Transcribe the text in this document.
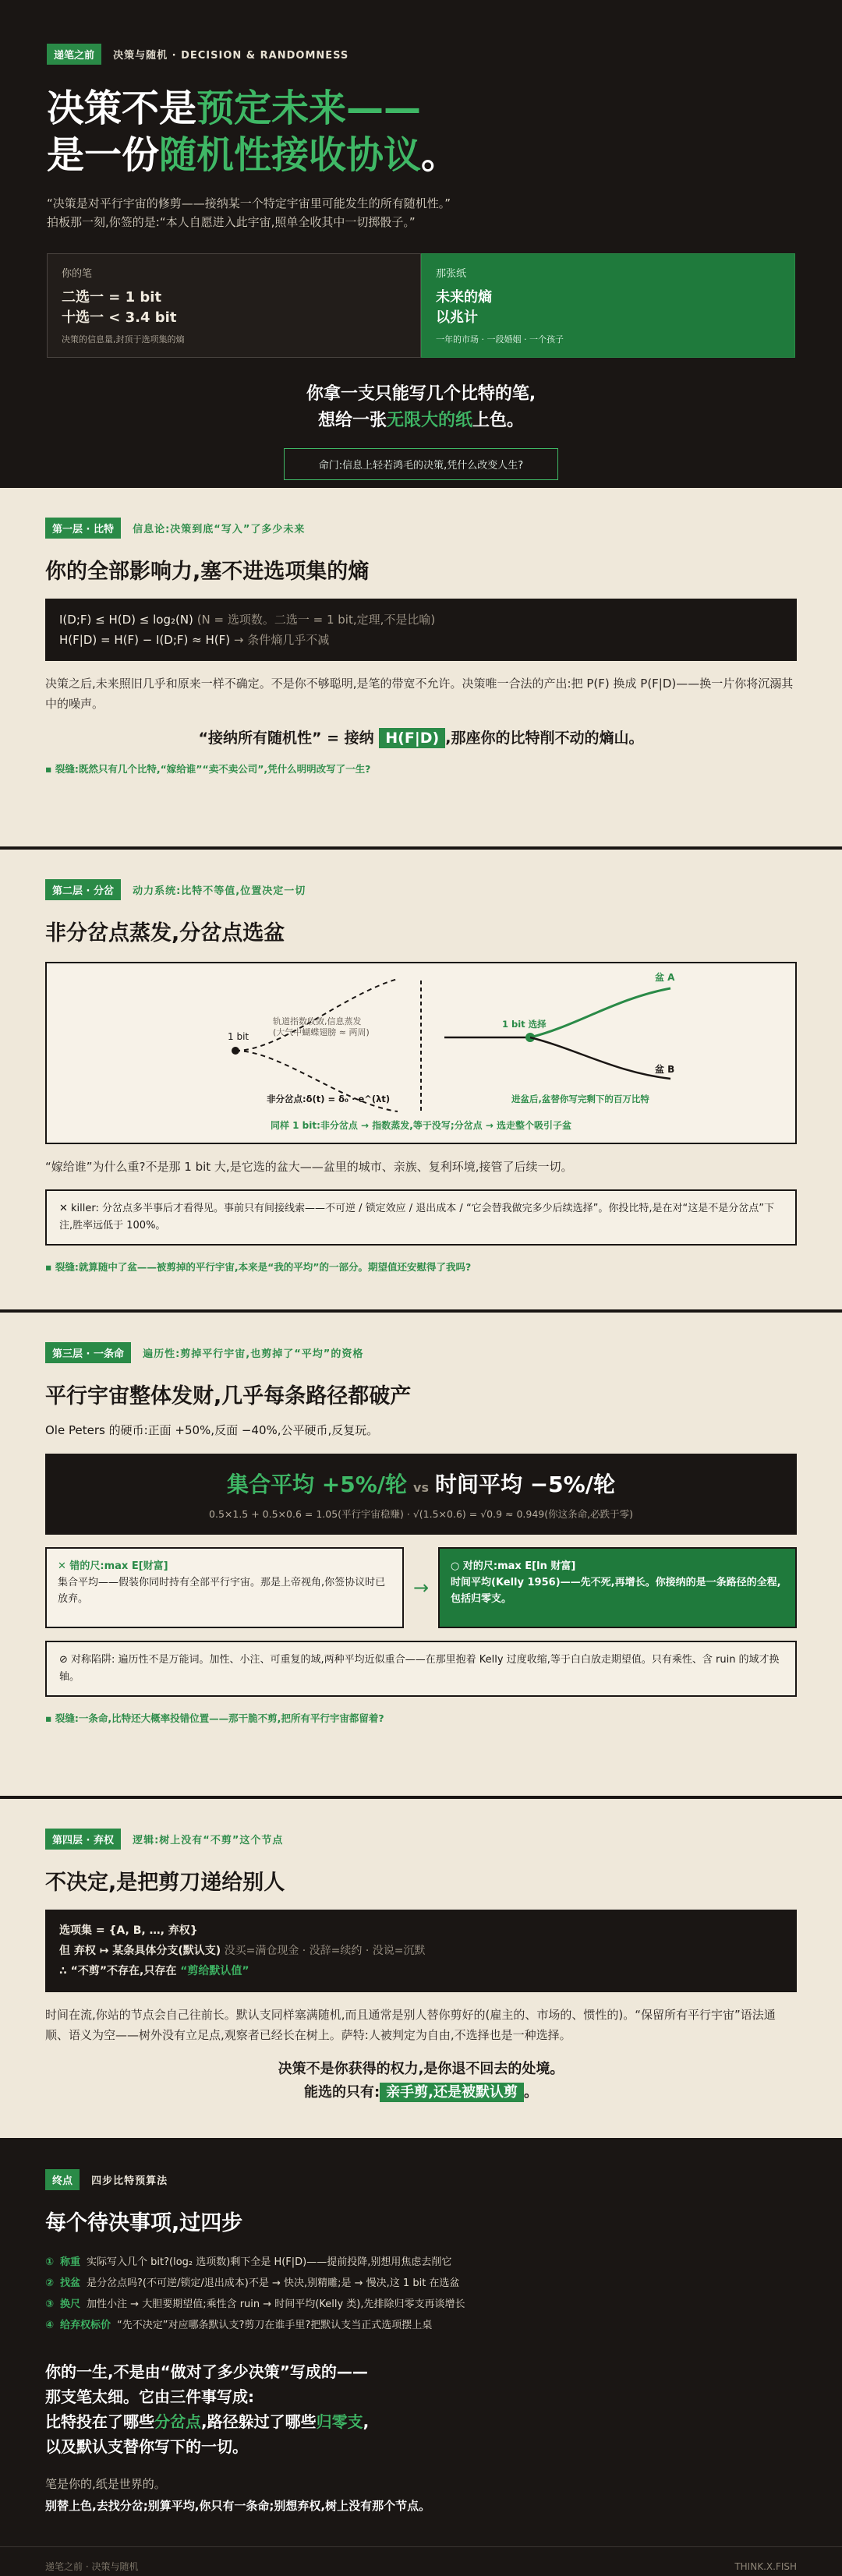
递笔之前 决策与随机 · DECISION & RANDOMNESS
决策不是预定未来——
是一份随机性接收协议。
“决策是对平行宇宙的修剪——接纳某一个特定宇宙里可能发生的所有随机性。”
拍板那一刻,你签的是:“本人自愿进入此宇宙,照单全收其中一切掷骰子。”
你的笔
二选一 = 1 bit
十选一 < 3.4 bit
决策的信息量,封顶于选项集的熵
那张纸
未来的熵
以兆计
一年的市场 · 一段婚姻 · 一个孩子
你拿一支只能写几个比特的笔,
想给一张无限大的纸上色。
命门:信息上轻若鸿毛的决策,凭什么改变人生?
第一层 · 比特 信息论:决策到底“写入”了多少未来
你的全部影响力,塞不进选项集的熵
I(D;F) ≤ H(D) ≤ log₂(N) (N = 选项数。二选一 = 1 bit,定理,不是比喻)
H(F|D) = H(F) − I(D;F) ≈ H(F) → 条件熵几乎不减
决策之后,未来照旧几乎和原来一样不确定。不是你不够聪明,是笔的带宽不允许。决策唯一合法的产出:把 P(F) 换成 P(F|D)——换一片你将沉溺其中的噪声。
“接纳所有随机性” = 接纳 H(F|D) ,那座你的比特削不动的熵山。
▪ 裂缝:既然只有几个比特,“嫁给谁”“卖不卖公司”,凭什么明明改写了一生?
第二层 · 分岔 动力系统:比特不等值,位置决定一切
非分岔点蒸发,分岔点选盆
1 bit
轨道指数收敛,信息蒸发
(大气中蝴蝶翅膀 ≈ 两周)
非分岔点:δ(t) = δ₀ · e^(λt)
1 bit 选择
盆 A
盆 B
进盆后,盆替你写完剩下的百万比特
同样 1 bit:非分岔点 → 指数蒸发,等于没写;分岔点 → 选走整个吸引子盆
“嫁给谁”为什么重?不是那 1 bit 大,是它选的盆大——盆里的城市、亲族、复利环境,接管了后续一切。
✕ killer: 分岔点多半事后才看得见。事前只有间接线索——不可逆 / 锁定效应 / 退出成本 / “它会替我做完多少后续选择”。你投比特,是在对“这是不是分岔点”下注,胜率远低于 100%。
▪ 裂缝:就算随中了盆——被剪掉的平行宇宙,本来是“我的平均”的一部分。期望值还安慰得了我吗?
第三层 · 一条命 遍历性:剪掉平行宇宙,也剪掉了“平均”的资格
平行宇宙整体发财,几乎每条路径都破产
Ole Peters 的硬币:正面 +50%,反面 −40%,公平硬币,反复玩。
集合平均 +5%/轮 vs 时间平均 −5%/轮
0.5×1.5 + 0.5×0.6 = 1.05(平行宇宙稳赚) · √(1.5×0.6) = √0.9 ≈ 0.949(你这条命,必跌于零)
✕ 错的尺:max E[财富]
集合平均——假装你同时持有全部平行宇宙。那是上帝视角,你签协议时已放弃。
→
○ 对的尺:max E[ln 财富]
时间平均(Kelly 1956)——先不死,再增长。你接纳的是一条路径的全程,包括归零支。
⊘ 对称陷阱: 遍历性不是万能词。加性、小注、可重复的域,两种平均近似重合——在那里抱着 Kelly 过度收缩,等于白白放走期望值。只有乘性、含 ruin 的域才换轴。
▪ 裂缝:一条命,比特还大概率投错位置——那干脆不剪,把所有平行宇宙都留着?
第四层 · 弃权 逻辑:树上没有“不剪”这个节点
不决定,是把剪刀递给别人
选项集 = {A, B, …, 弃权}
但 弃权 ↦ 某条具体分支(默认支) 没买=满仓现金 · 没辞=续约 · 没说=沉默
∴ “不剪”不存在,只存在 “剪给默认值”
时间在流,你站的节点会自己往前长。默认支同样塞满随机,而且通常是别人替你剪好的(雇主的、市场的、惯性的)。“保留所有平行宇宙”语法通顺、语义为空——树外没有立足点,观察者已经长在树上。萨特:人被判定为自由,不选择也是一种选择。
决策不是你获得的权力,是你退不回去的处境。
能选的只有: 亲手剪,还是被默认剪 。
终点 四步比特预算法
每个待决事项,过四步
① 称重 实际写入几个 bit?(log₂ 选项数)剩下全是 H(F|D)——提前投降,别想用焦虑去削它
② 找盆 是分岔点吗?(不可逆/锁定/退出成本)不是 → 快决,别精雕;是 → 慢决,这 1 bit 在选盆
③ 换尺 加性小注 → 大胆要期望值;乘性含 ruin → 时间平均(Kelly 类),先排除归零支再谈增长
④ 给弃权标价 “先不决定”对应哪条默认支?剪刀在谁手里?把默认支当正式选项摆上桌
你的一生,不是由“做对了多少决策”写成的——
那支笔太细。它由三件事写成:
比特投在了哪些分岔点,路径躲过了哪些归零支,
以及默认支替你写下的一切。
笔是你的,纸是世界的。
别替上色,去找分岔;别算平均,你只有一条命;别想弃权,树上没有那个节点。
递笔之前 · 决策与随机	THINK.X.FISH
